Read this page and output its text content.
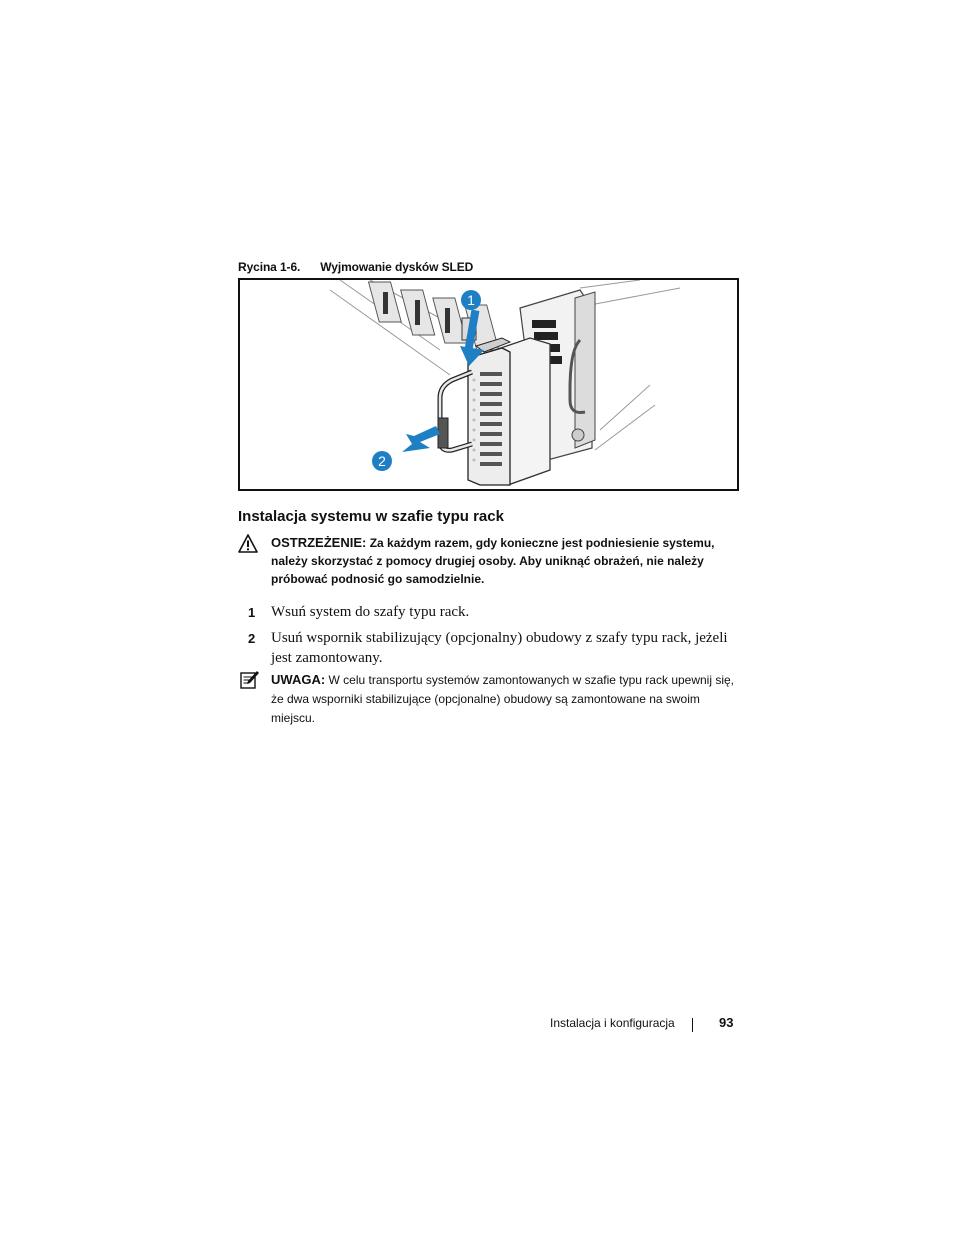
Rycina 1-6. Wyjmowanie dysków SLED
1
2
Instalacja systemu w szafie typu rack
OSTRZEŻENIE: Za każdym razem, gdy konieczne jest podniesienie systemu, należy skorzystać z pomocy drugiej osoby. Aby uniknąć obrażeń, nie należy próbować podnosić go samodzielnie.
1 Wsuń system do szafy typu rack.
2 Usuń wspornik stabilizujący (opcjonalny) obudowy z szafy typu rack, jeżeli jest zamontowany.
UWAGA: W celu transportu systemów zamontowanych w szafie typu rack upewnij się, że dwa wsporniki stabilizujące (opcjonalne) obudowy są zamontowane na swoim miejscu.
Instalacja i konfiguracja	93
